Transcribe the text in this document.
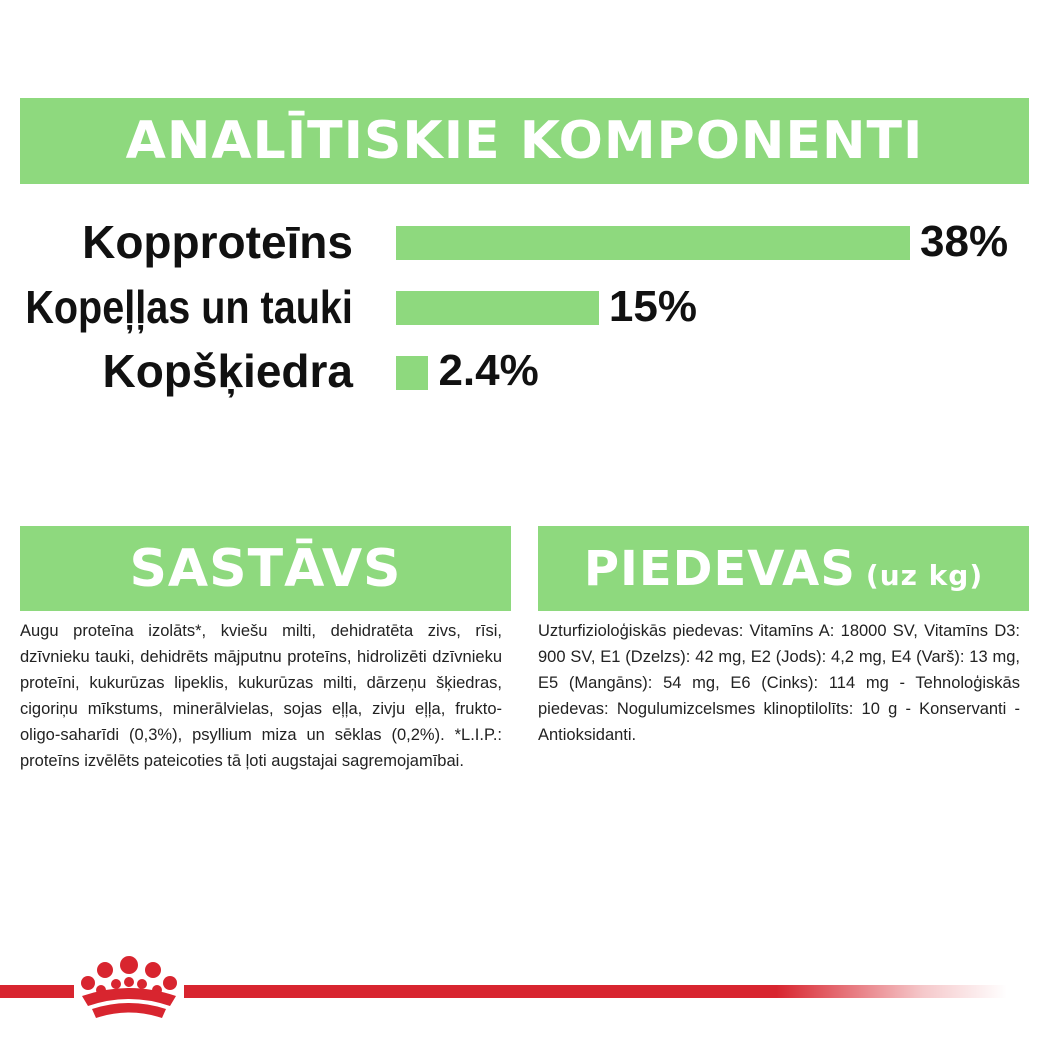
ANALĪTISKIE KOMPONENTI
Kopproteīns	38%
Kopeļļas un tauki	15%
Kopšķiedra 2.4%
SASTĀVS
Augu proteīna izolāts*, kviešu milti, dehidratēta zivs, rīsi, dzīvnieku tauki, dehidrēts mājputnu proteīns, hidrolizēti dzīvnieku proteīni, kukurūzas lipeklis, kukurūzas milti, dārzeņu šķiedras, cigoriņu mīkstums, minerālvielas, sojas eļļa, zivju eļļa, frukto-oligo-saharīdi (0,3%), psyllium miza un sēklas (0,2%). *L.I.P.: proteīns izvēlēts pateicoties tā ļoti augstajai sagremojamībai.
PIEDEVAS (uz kg)
Uzturfizioloģiskās piedevas: Vitamīns A: 18000 SV, Vitamīns D3: 900 SV, E1 (Dzelzs): 42 mg, E2 (Jods): 4,2 mg, E4 (Varš): 13 mg, E5 (Mangāns): 54 mg, E6 (Cinks): 114 mg - Tehnoloģiskās piedevas: Nogulumizcelsmes klinoptilolīts: 10 g - Konservanti - Antioksidanti.
